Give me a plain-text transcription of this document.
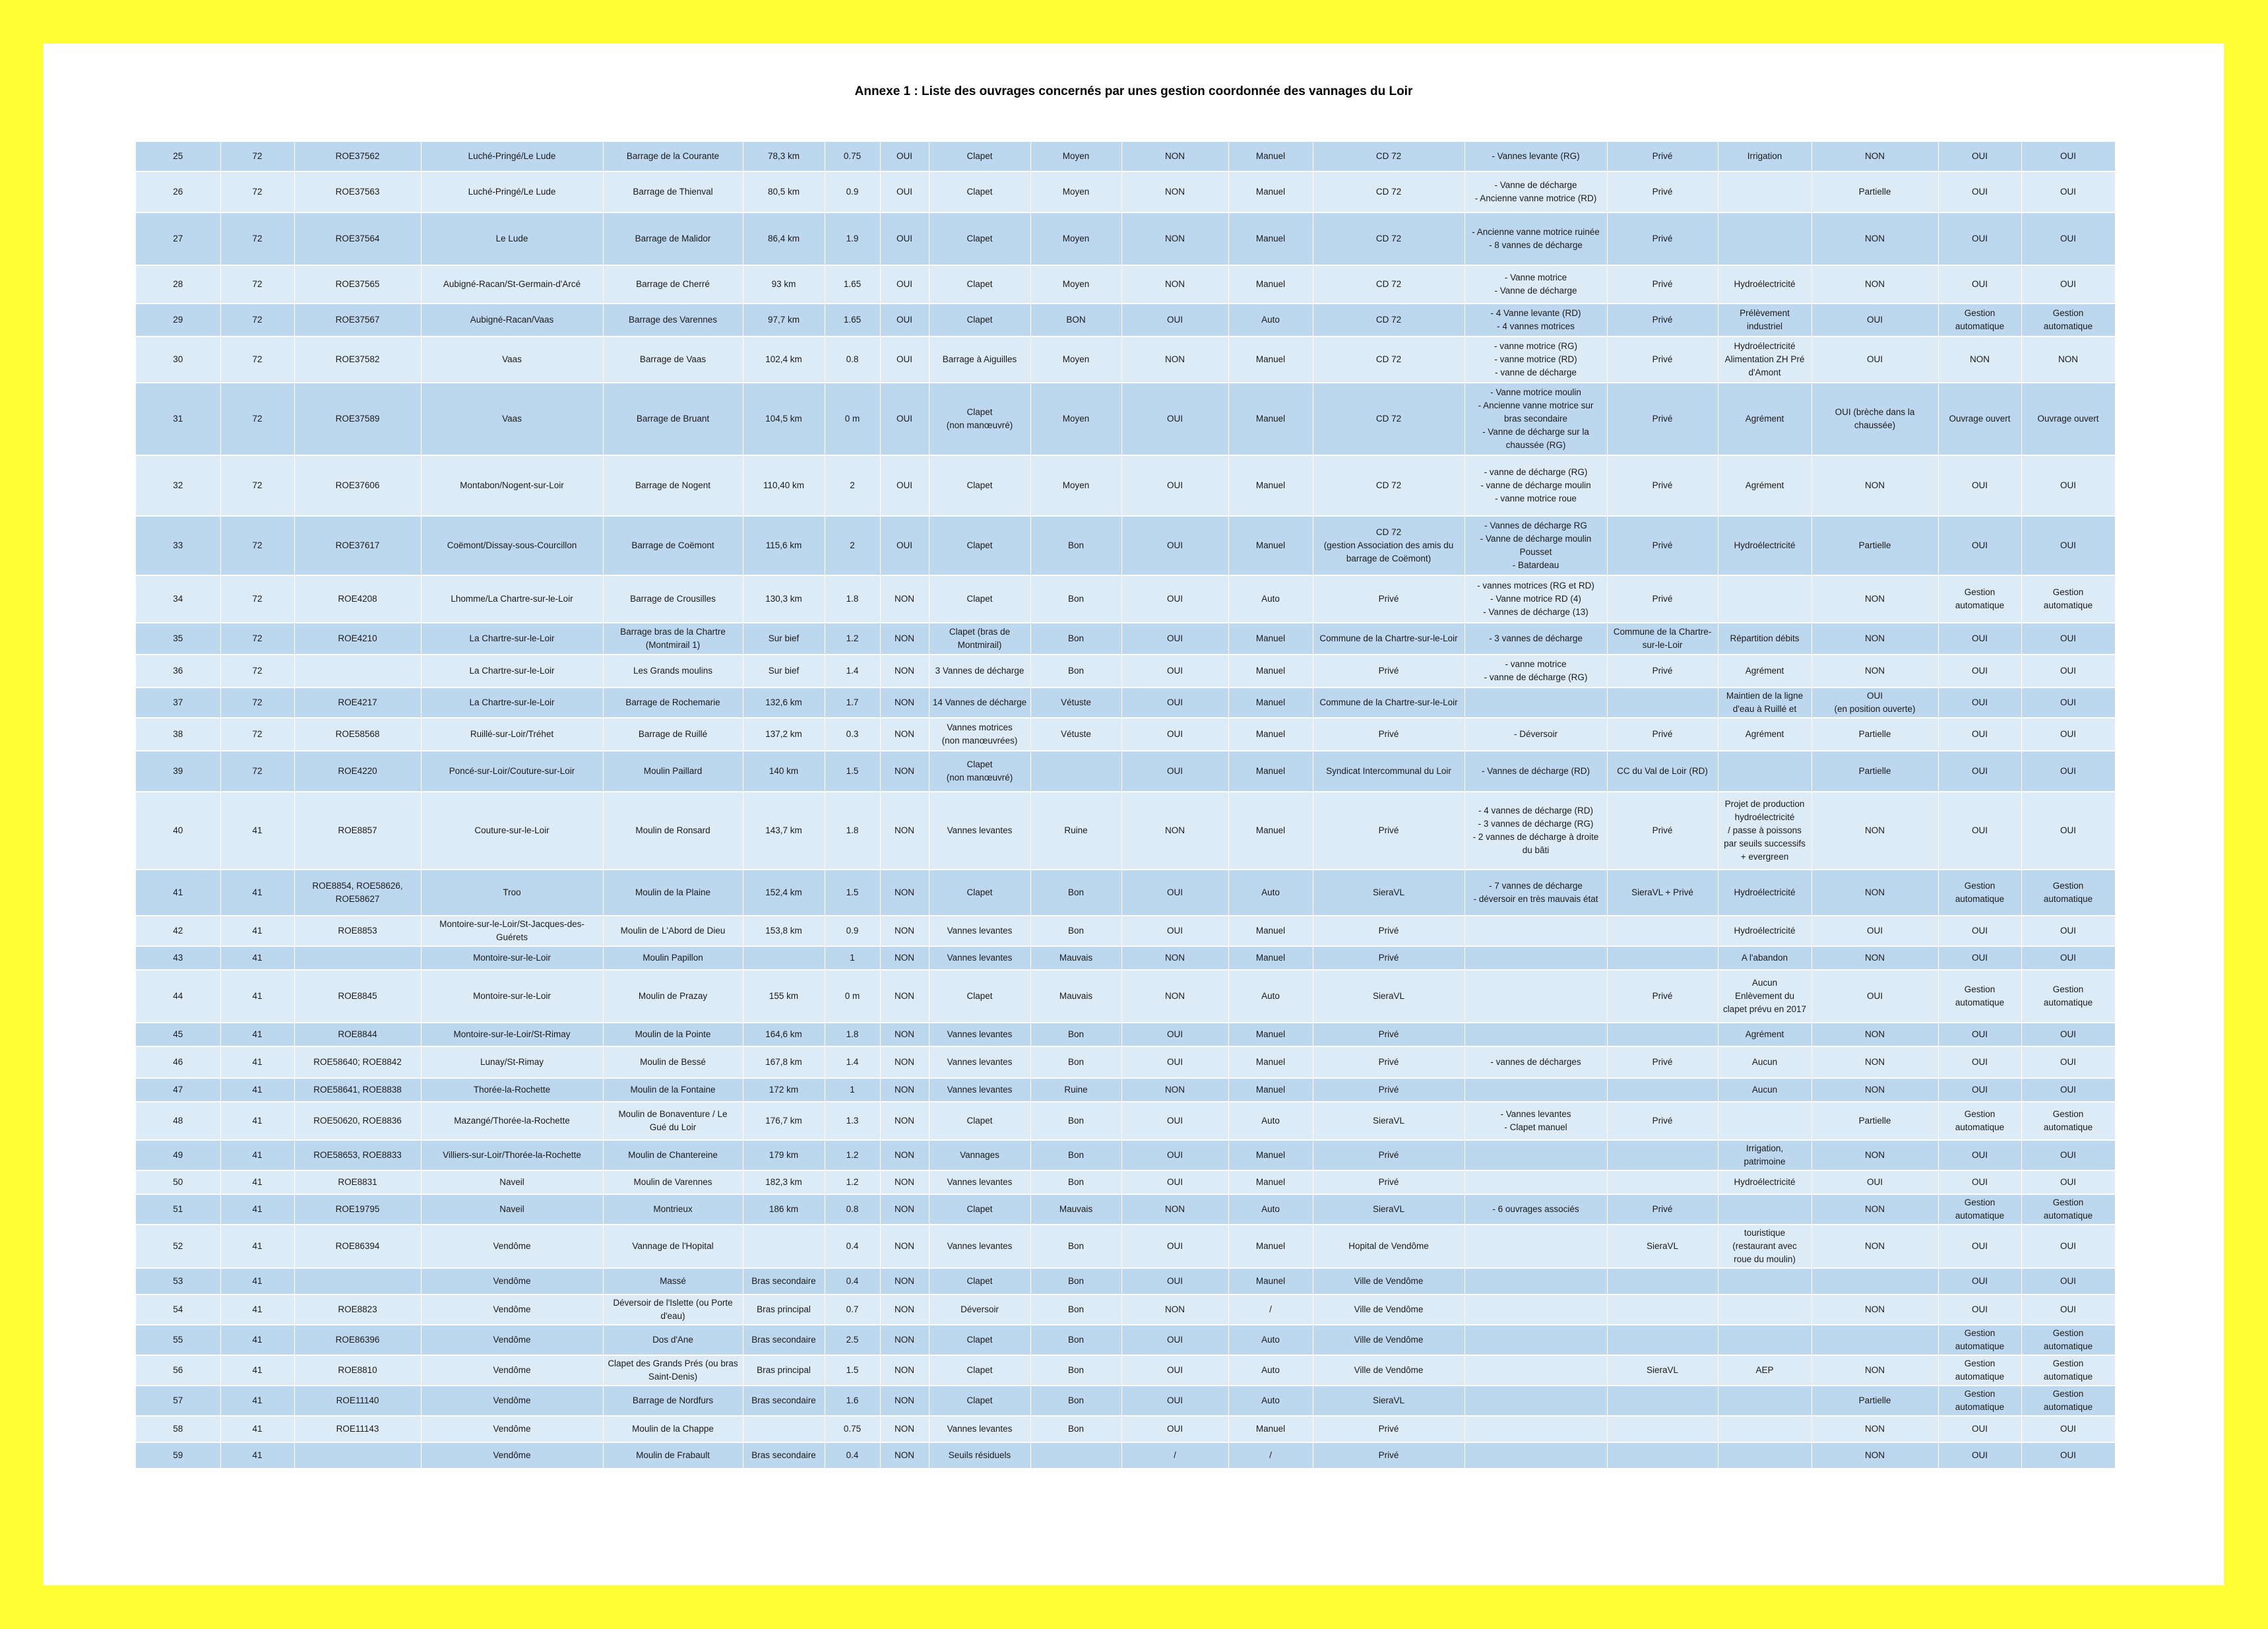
Annexe 1 : Liste des ouvrages concernés par unes gestion coordonnée des vannages du Loir
25	72	ROE37562	Luché-Pringé/Le Lude	Barrage de la Courante	78,3 km	0.75	OUI	Clapet	Moyen	NON	Manuel	CD 72	- Vannes levante (RG)	Privé	Irrigation	NON	OUI	OUI
26	72	ROE37563	Luché-Pringé/Le Lude	Barrage de Thienval	80,5 km	0.9	OUI	Clapet	Moyen	NON	Manuel	CD 72	- Vanne de décharge
- Ancienne vanne motrice (RD)	Privé		Partielle	OUI	OUI
27	72	ROE37564	Le Lude	Barrage de Malidor	86,4 km	1.9	OUI	Clapet	Moyen	NON	Manuel	CD 72	- Ancienne vanne motrice ruinée
- 8 vannes de décharge	Privé		NON	OUI	OUI
28	72	ROE37565	Aubigné-Racan/St-Germain-d'Arcé	Barrage de Cherré	93 km	1.65	OUI	Clapet	Moyen	NON	Manuel	CD 72	- Vanne motrice
- Vanne de décharge	Privé	Hydroélectricité	NON	OUI	OUI
29	72	ROE37567	Aubigné-Racan/Vaas	Barrage des Varennes	97,7 km	1.65	OUI	Clapet	BON	OUI	Auto	CD 72	- 4 Vanne levante (RD)
- 4 vannes motrices	Privé	Prélèvement
industriel	OUI	Gestion
automatique	Gestion
automatique
30	72	ROE37582	Vaas	Barrage de Vaas	102,4 km	0.8	OUI	Barrage à Aiguilles	Moyen	NON	Manuel	CD 72	- vanne motrice (RG)
- vanne motrice (RD)
- vanne de décharge	Privé	Hydroélectricité
Alimentation ZH Pré
d'Amont	OUI	NON	NON
31	72	ROE37589	Vaas	Barrage de Bruant	104,5 km	0 m	OUI	Clapet
(non manœuvré)	Moyen	OUI	Manuel	CD 72	- Vanne motrice moulin
- Ancienne vanne motrice sur
bras secondaire
- Vanne de décharge sur la
chaussée (RG)	Privé	Agrément	OUI (brèche dans la
chaussée)	Ouvrage ouvert	Ouvrage ouvert
32	72	ROE37606	Montabon/Nogent-sur-Loir	Barrage de Nogent	110,40 km	2	OUI	Clapet	Moyen	OUI	Manuel	CD 72	- vanne de décharge (RG)
- vanne de décharge moulin
- vanne motrice roue	Privé	Agrément	NON	OUI	OUI
33	72	ROE37617	Coëmont/Dissay-sous-Courcillon	Barrage de Coëmont	115,6 km	2	OUI	Clapet	Bon	OUI	Manuel	CD 72
(gestion Association des amis du
barrage de Coëmont)	- Vannes de décharge RG
- Vanne de décharge moulin
Pousset
- Batardeau	Privé	Hydroélectricité	Partielle	OUI	OUI
34	72	ROE4208	Lhomme/La Chartre-sur-le-Loir	Barrage de Crousilles	130,3 km	1.8	NON	Clapet	Bon	OUI	Auto	Privé	- vannes motrices (RG et RD)
- Vanne motrice RD (4)
- Vannes de décharge (13)	Privé		NON	Gestion
automatique	Gestion
automatique
35	72	ROE4210	La Chartre-sur-le-Loir	Barrage bras de la Chartre
(Montmirail 1)	Sur bief	1.2	NON	Clapet (bras de
Montmirail)	Bon	OUI	Manuel	Commune de la Chartre-sur-le-Loir	- 3 vannes de décharge	Commune de la Chartre-
sur-le-Loir	Répartition débits	NON	OUI	OUI
36	72		La Chartre-sur-le-Loir	Les Grands moulins	Sur bief	1.4	NON	3 Vannes de décharge	Bon	OUI	Manuel	Privé	- vanne motrice
- vanne de décharge (RG)	Privé	Agrément	NON	OUI	OUI
37	72	ROE4217	La Chartre-sur-le-Loir	Barrage de Rochemarie	132,6 km	1.7	NON	14 Vannes de décharge	Vétuste	OUI	Manuel	Commune de la Chartre-sur-le-Loir			Maintien de la ligne
d'eau à Ruillé et	OUI
(en position ouverte)	OUI	OUI
38	72	ROE58568	Ruillé-sur-Loir/Tréhet	Barrage de Ruillé	137,2 km	0.3	NON	Vannes motrices
(non manœuvrées)	Vétuste	OUI	Manuel	Privé	- Déversoir	Privé	Agrément	Partielle	OUI	OUI
39	72	ROE4220	Poncé-sur-Loir/Couture-sur-Loir	Moulin Paillard	140 km	1.5	NON	Clapet
(non manœuvré)		OUI	Manuel	Syndicat Intercommunal du Loir	- Vannes de décharge (RD)	CC du Val de Loir (RD)		Partielle	OUI	OUI
40	41	ROE8857	Couture-sur-le-Loir	Moulin de Ronsard	143,7 km	1.8	NON	Vannes levantes	Ruine	NON	Manuel	Privé	- 4 vannes de décharge (RD)
- 3 vannes de décharge (RG)
- 2 vannes de décharge à droite
du bâti	Privé	Projet de production
hydroélectricité
/ passe à poissons
par seuils successifs
+ evergreen	NON	OUI	OUI
41	41	ROE8854, ROE58626,
ROE58627	Troo	Moulin de la Plaine	152,4 km	1.5	NON	Clapet	Bon	OUI	Auto	SieraVL	- 7 vannes de décharge
- déversoir en très mauvais état	SieraVL + Privé	Hydroélectricité	NON	Gestion
automatique	Gestion
automatique
42	41	ROE8853	Montoire-sur-le-Loir/St-Jacques-des-
Guérets	Moulin de L'Abord de Dieu	153,8 km	0.9	NON	Vannes levantes	Bon	OUI	Manuel	Privé			Hydroélectricité	OUI	OUI	OUI
43	41		Montoire-sur-le-Loir	Moulin Papillon		1	NON	Vannes levantes	Mauvais	NON	Manuel	Privé			A l'abandon	NON	OUI	OUI
44	41	ROE8845	Montoire-sur-le-Loir	Moulin de Prazay	155 km	0 m	NON	Clapet	Mauvais	NON	Auto	SieraVL		Privé	Aucun
Enlèvement du
clapet prévu en 2017	OUI	Gestion
automatique	Gestion
automatique
45	41	ROE8844	Montoire-sur-le-Loir/St-Rimay	Moulin de la Pointe	164,6 km	1.8	NON	Vannes levantes	Bon	OUI	Manuel	Privé			Agrément	NON	OUI	OUI
46	41	ROE58640; ROE8842	Lunay/St-Rimay	Moulin de Bessé	167,8 km	1.4	NON	Vannes levantes	Bon	OUI	Manuel	Privé	- vannes de décharges	Privé	Aucun	NON	OUI	OUI
47	41	ROE58641, ROE8838	Thorée-la-Rochette	Moulin de la Fontaine	172 km	1	NON	Vannes levantes	Ruine	NON	Manuel	Privé			Aucun	NON	OUI	OUI
48	41	ROE50620, ROE8836	Mazangé/Thorée-la-Rochette	Moulin de Bonaventure / Le
Gué du Loir	176,7 km	1.3	NON	Clapet	Bon	OUI	Auto	SieraVL	- Vannes levantes
- Clapet manuel	Privé		Partielle	Gestion
automatique	Gestion
automatique
49	41	ROE58653, ROE8833	Villiers-sur-Loir/Thorée-la-Rochette	Moulin de Chantereine	179 km	1.2	NON	Vannages	Bon	OUI	Manuel	Privé			Irrigation,
patrimoine	NON	OUI	OUI
50	41	ROE8831	Naveil	Moulin de Varennes	182,3 km	1.2	NON	Vannes levantes	Bon	OUI	Manuel	Privé			Hydroélectricité	OUI	OUI	OUI
51	41	ROE19795	Naveil	Montrieux	186 km	0.8	NON	Clapet	Mauvais	NON	Auto	SieraVL	- 6 ouvrages associés	Privé		NON	Gestion
automatique	Gestion
automatique
52	41	ROE86394	Vendôme	Vannage de l'Hopital		0.4	NON	Vannes levantes	Bon	OUI	Manuel	Hopital de Vendôme		SieraVL	touristique
(restaurant avec
roue du moulin)	NON	OUI	OUI
53	41		Vendôme	Massé	Bras secondaire	0.4	NON	Clapet	Bon	OUI	Maunel	Ville de Vendôme					OUI	OUI
54	41	ROE8823	Vendôme	Déversoir de l'Islette (ou Porte
d'eau)	Bras principal	0.7	NON	Déversoir	Bon	NON	/	Ville de Vendôme				NON	OUI	OUI
55	41	ROE86396	Vendôme	Dos d'Ane	Bras secondaire	2.5	NON	Clapet	Bon	OUI	Auto	Ville de Vendôme					Gestion
automatique	Gestion
automatique
56	41	ROE8810	Vendôme	Clapet des Grands Prés (ou bras
Saint-Denis)	Bras principal	1.5	NON	Clapet	Bon	OUI	Auto	Ville de Vendôme		SieraVL	AEP	NON	Gestion
automatique	Gestion
automatique
57	41	ROE11140	Vendôme	Barrage de Nordfurs	Bras secondaire	1.6	NON	Clapet	Bon	OUI	Auto	SieraVL				Partielle	Gestion
automatique	Gestion
automatique
58	41	ROE11143	Vendôme	Moulin de la Chappe		0.75	NON	Vannes levantes	Bon	OUI	Manuel	Privé				NON	OUI	OUI
59	41		Vendôme	Moulin de Frabault	Bras secondaire	0.4	NON	Seuils résiduels		/	/	Privé				NON	OUI	OUI
